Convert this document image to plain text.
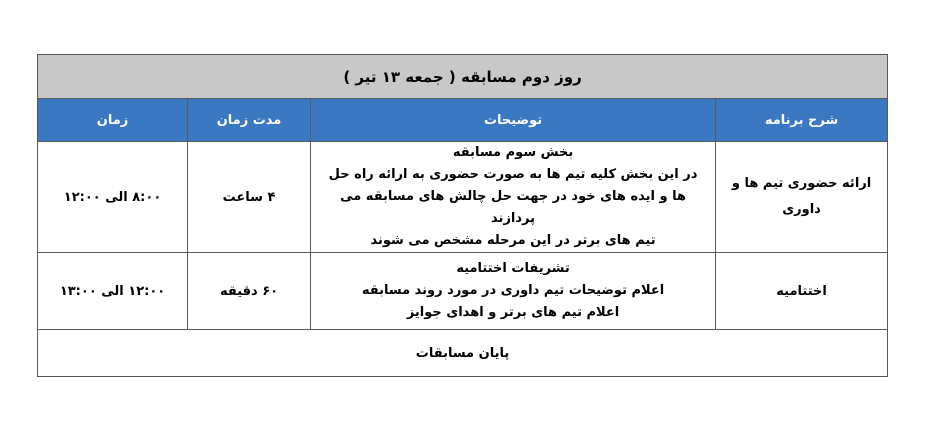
روز دوم مسابقه ( جمعه ۱۳ تیر )			
شرح برنامه	توضیحات	مدت زمان	زمان
ارائه حضوری تیم ها و داوری	بخش سوم مسابقه
در این بخش کلیه تیم ها به صورت حضوری به ارائه راه حل
ها و ایده های خود در جهت حل چالش های مسابقه می پردازند
تیم های برتر در این مرحله مشخص می شوند	۴ ساعت	۸:۰۰ الی ۱۲:۰۰
اختتامیه	تشریفات اختتامیه
اعلام توضیحات تیم داوری در مورد روند مسابقه
اعلام تیم های برتر و اهدای جوایز	۶۰ دقیقه	۱۲:۰۰ الی ۱۳:۰۰
پایان مسابقات			
